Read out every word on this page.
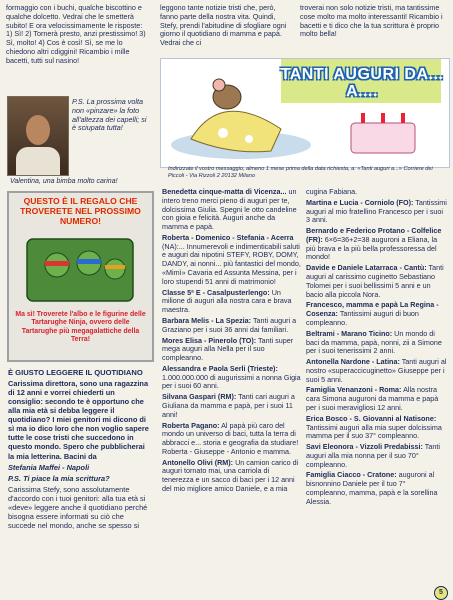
formaggio con i buchi, qualche biscottino e qualche dolcetto. Vedrai che le smetterà subito! E ora velocissimamente le risposte: 1) Sì! 2) Tornerà presto, anzi prestissimo! 3) Sì, molto! 4) Cos è così! Sì, se me lo chiedono altri cdiggini! Ricambio i mille bacetti, tutti sul nasino!

leggono tante notizie tristi che, però, fanno parte della nostra vita. Quindi, Stefy, prendi l'abitudine di sfogliare ogni giorno il quotidiano di mamma e papà. Vedrai che ci

troverai non solo notizie tristi, ma tantissime cose molto ma molto interessanti! Ricambio i bacetti e ti dico che la tua scrittura è proprio molto bella!

P.S. La prossima volta non «pinzare» la foto all'altezza dei capelli; si è sciupata tutta!
Valentina, una bimba molto carina!
TANTI AUGURI DA... A....
Indirizzate il vostro messaggio, almeno 1 mese prima della data richiesta, a: «Tanti auguri a...» Corriere dei Piccoli - Via Rizzoli 2 20132 Milano
QUESTO È IL REGALO CHE TROVERETE NEL PROSSIMO NUMERO!
Ma sì! Troverete l'albo e le figurine delle Tartarughe Ninja, ovvero delle Tartarughe più megagalattiche della Terra!

È GIUSTO LEGGERE IL QUOTIDIANO

Carissima direttora, sono una ragazzina di 12 anni e vorrei chiederti un consiglio: secondo te è opportuno che alla mia età si debba leggere il quotidiano? I miei genitori mi dicono di sì ma io dico loro che non voglio sapere tutte le cose tristi che succedono in questo mondo. Spero che pubblicherai la mia letterina. Bacini da

Stefania Maffei - Napoli

P.S. Ti piace la mia scrittura?

Carissima Stefy, sono assolutamente d'accordo con i tuoi genitori: alla tua età si «deve» leggere anche il quotidiano perché bisogna essere informati su ciò che succede nel mondo, anche se spesso si

Benedetta cinque-matta di Vicenza... un intero treno merci pieno di auguri per te, dolcissima Giulia. Spegni le otto candeline con gioia e felicità. Auguri anche da mamma e papà.

Roberta - Domenico - Stefania - Acerra (NA):... Innumerevoli e indimenticabili saluti e auguri dai nipotini STEFY, ROBY, DOMY, DANDY, ai nonni... più fantastici del mondo, «Mimì» Cavaria ed Assunta Messina, per i loro stupendi 51 anni di matrimonio!

Classe 5ª E - Casalpusterlengo: Un milione di auguri alla nostra cara e brava maestra.

Barbara Melis - La Spezia: Tanti auguri a Graziano per i suoi 36 anni dai familiari.

Mores Elisa - Pinerolo (TO): Tanti super mega auguri alla Nella per il suo compleanno.

Alessandra e Paola Serli (Trieste): 1.000.000.000 di augurissimi a nonna Gigia per i suoi 60 anni.

Silvana Gaspari (RM): Tanti cari auguri a Giuliana da mamma e papà, per i suoi 11 anni!

Roberta Pagano: Al papà più caro del mondo un universo di baci, tutta la terra di abbracci e... storia e geografia da studiare! Roberta - Giuseppe - Antonio e mamma.

Antonello Olivi (RM): Un camion carico di auguri tornato mai, una carriola di tenerezza e un sacco di baci per i 12 anni del mio migliore amico Daniele, e a mia

cugina Fabiana.

Martina e Lucia - Corniolo (FO): Tantissimi auguri al mio fratellino Francesco per i suoi 3 anni.

Bernardo e Federico Protano - Colfelice (FR): 6×6=36+2=38 auguroni a Eliana, la più brava e la più bella professoressa del mondo!

Davide e Daniele Latarraca - Cantù: Tanti auguri al carissimo cuginetto Sebastiano Tolomei per i suoi bellissimi 5 anni e un bacio alla piccola Nora.

Francesco, mamma e papà La Regina - Cosenza: Tantissimi auguri di buon compleanno.

Beltrami - Marano Ticino: Un mondo di baci da mamma, papà, nonni, zii a Simone per i suoi tenerissimi 2 anni.

Antonella Nardone - Latina: Tanti auguri al nostro «superaccicuginetto» Giuseppe per i suoi 5 anni.

Famiglia Venanzoni - Roma: Alla nostra cara Simona auguroni da mamma e papà per i suoi meravigliosi 12 anni.

Erica Bosco - S. Giovanni al Natisone: Tantissimi auguri alla mia super dolcissima mamma per il suo 37° compleanno.

Savi Eleonora - Vizzoli Predabissi: Tanti auguri alla mia nonna per il suo 70° compleanno.

Famiglia Ciacco - Cratone: auguroni al bisnonnino Daniele per il tuo 7° compleanno, mamma, papà e la sorellina Alessia.

5
